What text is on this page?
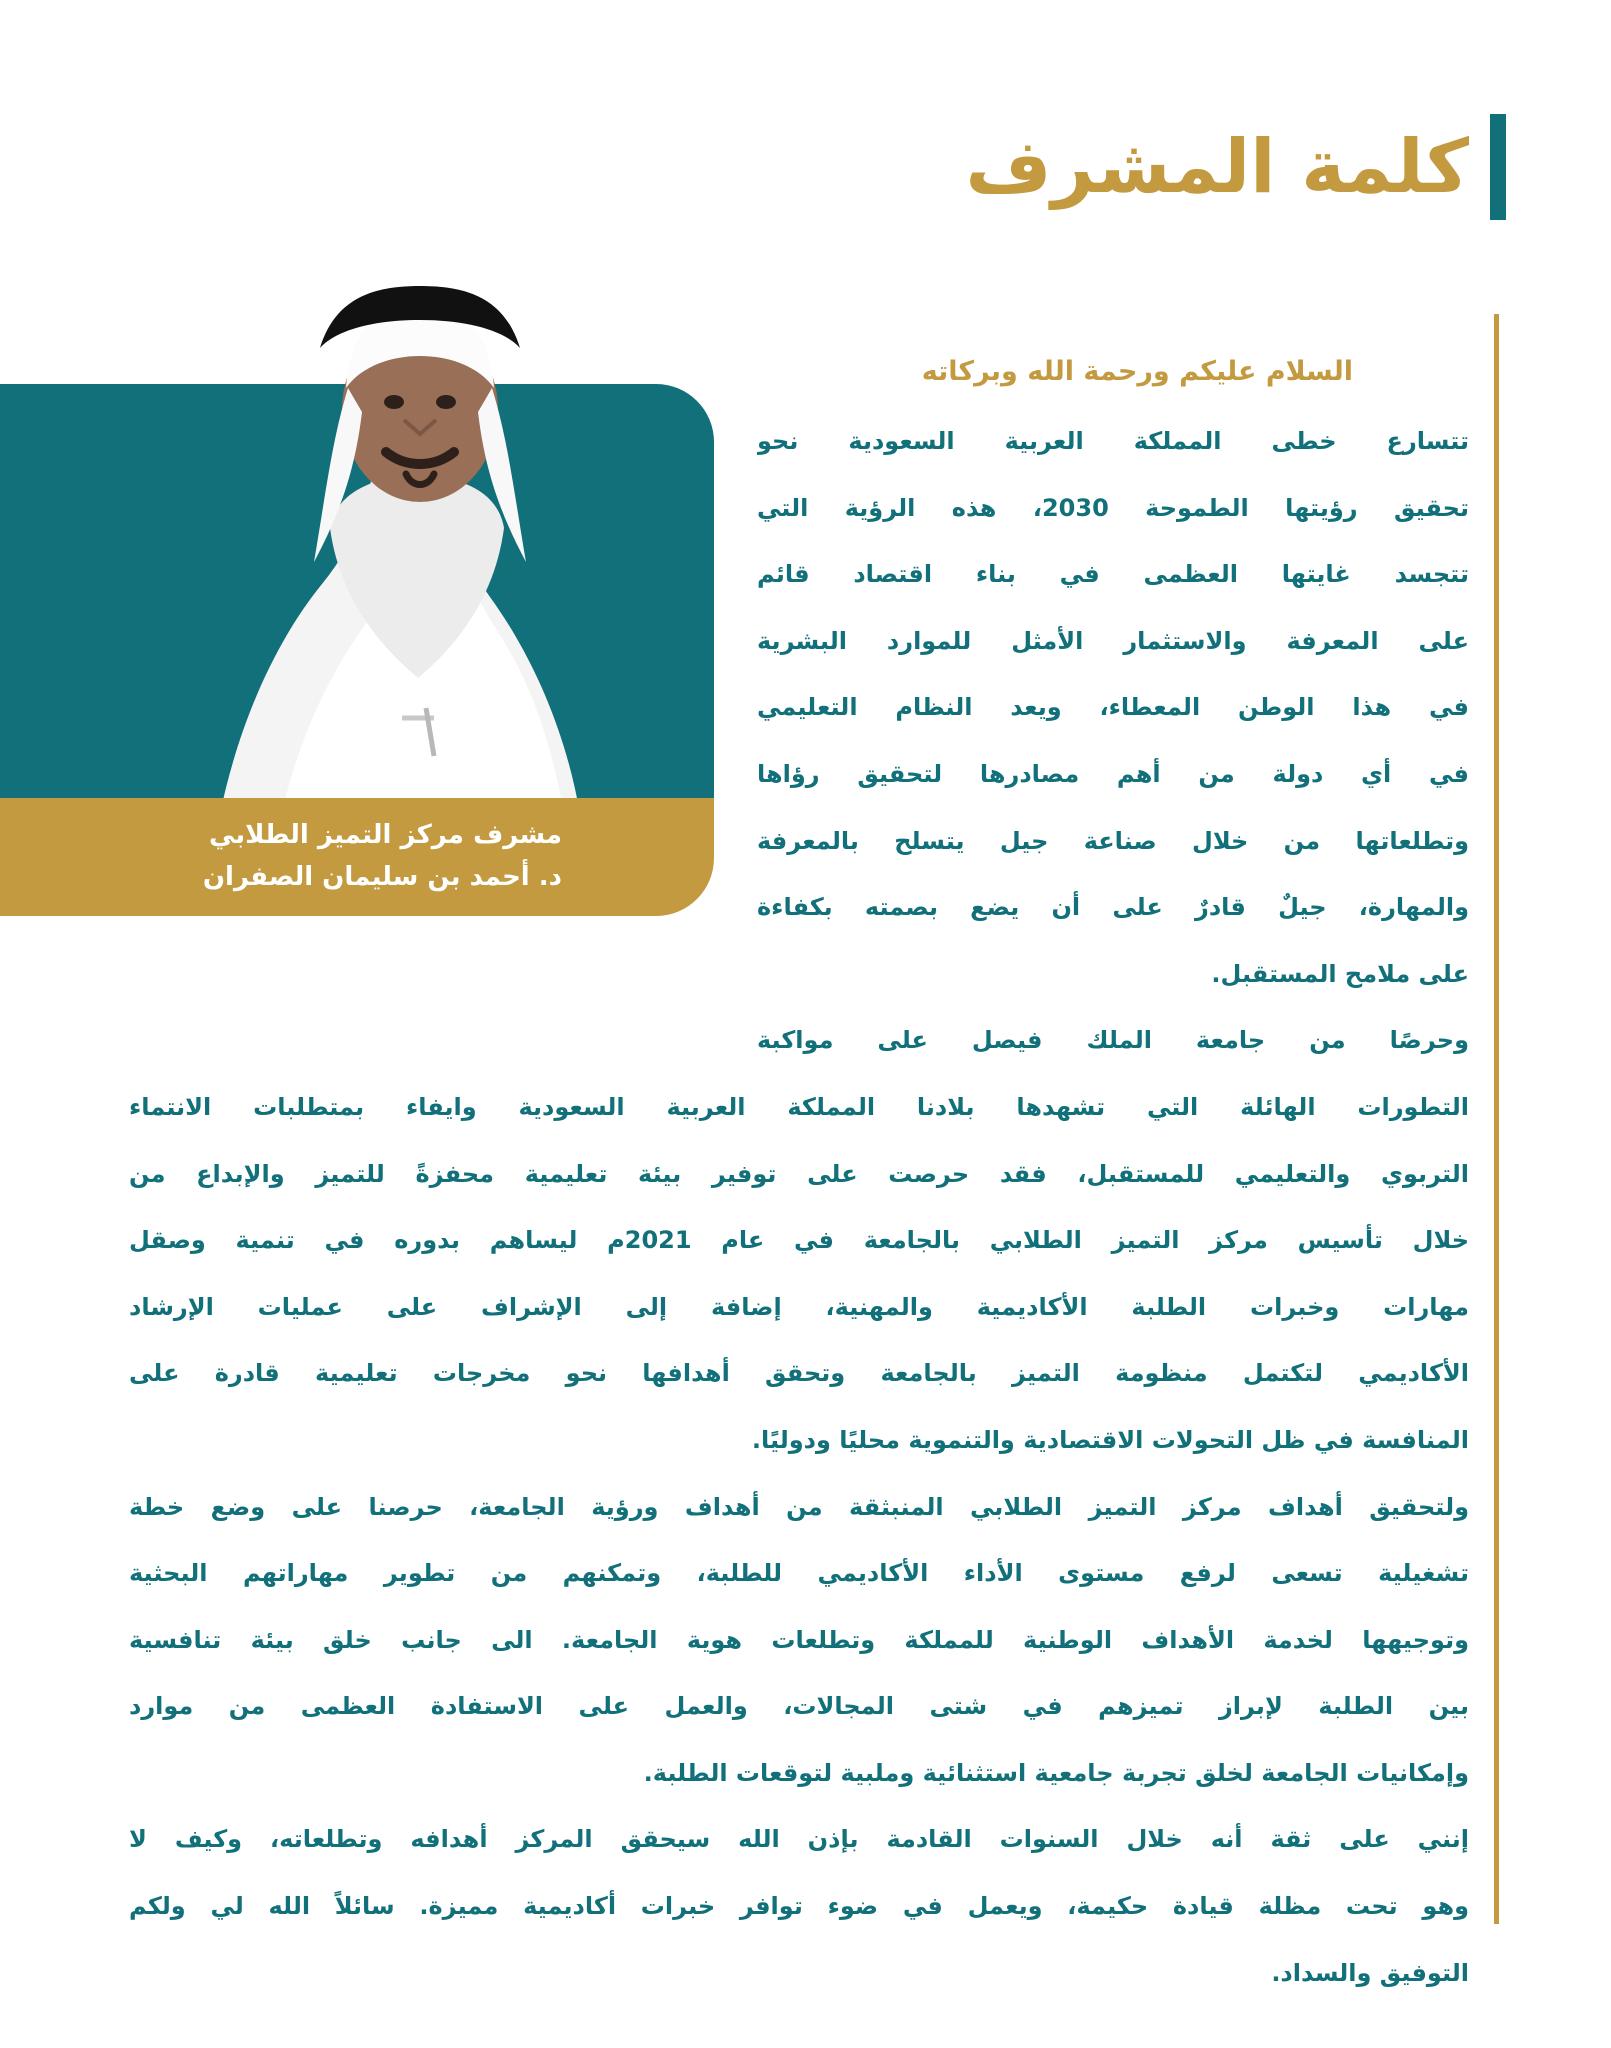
كلمة المشرف
مشرف مركز التميز الطلابي
د. أحمد بن سليمان الصفران

السلام عليكم ورحمة الله وبركاته

تتسارع خطى المملكة العربية السعودية نحو
تحقيق رؤيتها الطموحة 2030، هذه الرؤية التي
تتجسد غايتها العظمى في بناء اقتصاد قائم
على المعرفة والاستثمار الأمثل للموارد البشرية
في هذا الوطن المعطاء، ويعد النظام التعليمي
في أي دولة من أهم مصادرها لتحقيق رؤاها
وتطلعاتها من خلال صناعة جيل يتسلح بالمعرفة
والمهارة، جيلٌ قادرٌ على أن يضع بصمته بكفاءة
على ملامح المستقبل.
وحرصًا من جامعة الملك فيصل على مواكبة
التطورات الهائلة التي تشهدها بلادنا المملكة العربية السعودية وايفاء بمتطلبات الانتماء
التربوي والتعليمي للمستقبل، فقد حرصت على توفير بيئة تعليمية محفزةً للتميز والإبداع من
خلال تأسيس مركز التميز الطلابي بالجامعة في عام 2021م ليساهم بدوره في تنمية وصقل
مهارات وخبرات الطلبة الأكاديمية والمهنية، إضافة إلى الإشراف على عمليات الإرشاد
الأكاديمي لتكتمل منظومة التميز بالجامعة وتحقق أهدافها نحو مخرجات تعليمية قادرة على
المنافسة في ظل التحولات الاقتصادية والتنموية محليًا ودوليًا.
ولتحقيق أهداف مركز التميز الطلابي المنبثقة من أهداف ورؤية الجامعة، حرصنا على وضع خطة
تشغيلية تسعى لرفع مستوى الأداء الأكاديمي للطلبة، وتمكنهم من تطوير مهاراتهم البحثية
وتوجيهها لخدمة الأهداف الوطنية للمملكة وتطلعات هوية الجامعة. الى جانب خلق بيئة تنافسية
بين الطلبة لإبراز تميزهم في شتى المجالات، والعمل على الاستفادة العظمى من موارد
وإمكانيات الجامعة لخلق تجربة جامعية استثنائية وملبية لتوقعات الطلبة.
إنني على ثقة أنه خلال السنوات القادمة بإذن الله سيحقق المركز أهدافه وتطلعاته، وكيف لا
وهو تحت مظلة قيادة حكيمة، ويعمل في ضوء توافر خبرات أكاديمية مميزة. سائلاً الله لي ولكم
التوفيق والسداد.
